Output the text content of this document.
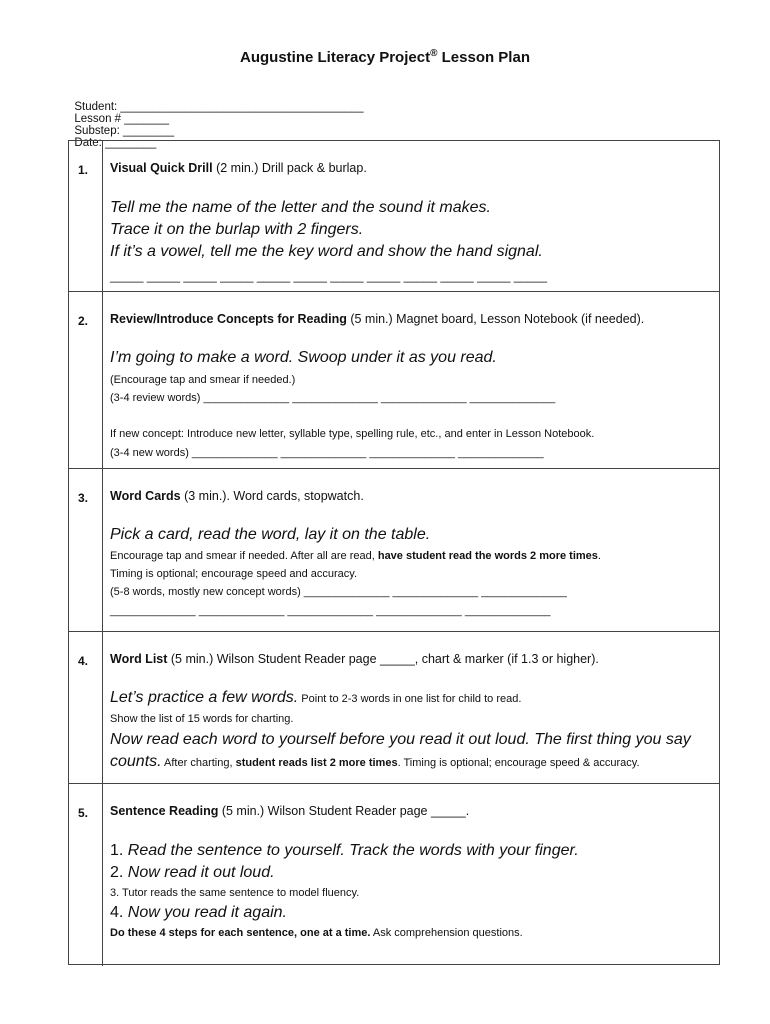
Augustine Literacy Project® Lesson Plan

Student: ______________________________________
Lesson # _______
Substep: ________
Date: ________

1. Visual Quick Drill (2 min.) Drill pack & burlap.
Tell me the name of the letter and the sound it makes.
Trace it on the burlap with 2 fingers.
If it’s a vowel, tell me the key word and show the hand signal.
_____ _____ _____ _____ _____ _____ _____ _____ _____ _____ _____ _____
2. Review/Introduce Concepts for Reading (5 min.) Magnet board, Lesson Notebook (if needed).
I’m going to make a word. Swoop under it as you read.
(Encourage tap and smear if needed.)
(3-4 review words) ______________ ______________ ______________ ______________
If new concept: Introduce new letter, syllable type, spelling rule, etc., and enter in Lesson Notebook.
(3-4 new words) ______________ ______________ ______________ ______________
3. Word Cards (3 min.). Word cards, stopwatch.
Pick a card, read the word, lay it on the table.
Encourage tap and smear if needed. After all are read, have student read the words 2 more times.
Timing is optional; encourage speed and accuracy.
(5-8 words, mostly new concept words) ______________ ______________ ______________
______________ ______________ ______________ ______________ ______________
4. Word List (5 min.) Wilson Student Reader page _____, chart & marker (if 1.3 or higher).
Let’s practice a few words. Point to 2-3 words in one list for child to read.
Show the list of 15 words for charting.
Now read each word to yourself before you read it out loud. The first thing you say
counts. After charting, student reads list 2 more times. Timing is optional; encourage speed & accuracy.
5. Sentence Reading (5 min.) Wilson Student Reader page _____.
1. Read the sentence to yourself. Track the words with your finger.
2. Now read it out loud.
3. Tutor reads the same sentence to model fluency.
4. Now you read it again.
Do these 4 steps for each sentence, one at a time. Ask comprehension questions.
